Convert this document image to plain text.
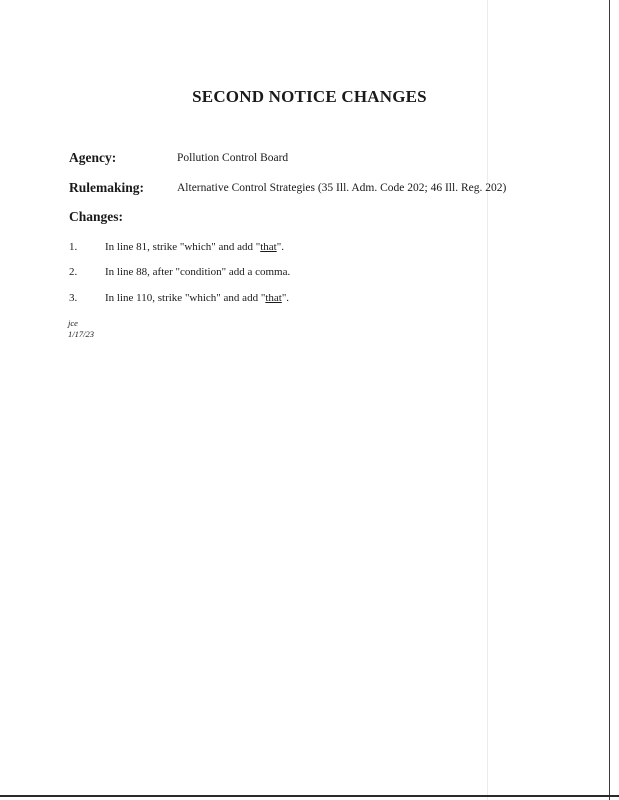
SECOND NOTICE CHANGES
Agency:	Pollution Control Board
Rulemaking:	Alternative Control Strategies (35 Ill. Adm. Code 202; 46 Ill. Reg. 202)
Changes:
1.	In line 81, strike "which" and add "that".
2.	In line 88, after "condition" add a comma.
3.	In line 110, strike "which" and add "that".
jce
1/17/23
